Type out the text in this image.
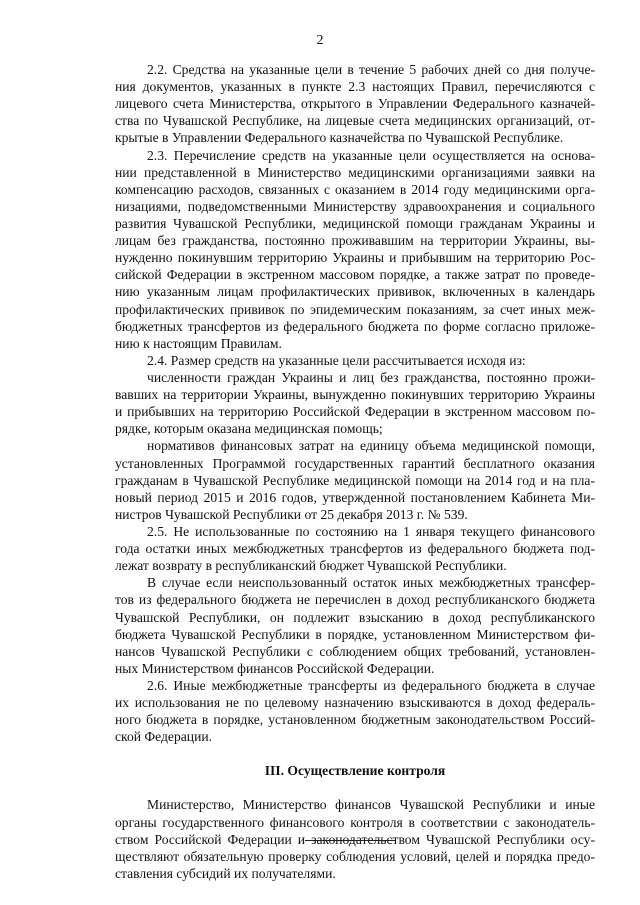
2
2.2. Средства на указанные цели в течение 5 рабочих дней со дня получе-
ния документов, указанных в пункте 2.3 настоящих Правил, перечисляются с
лицевого счета Министерства, открытого в Управлении Федерального казначей-
ства по Чувашской Республике, на лицевые счета медицинских организаций, от-
крытые в Управлении Федерального казначейства по Чувашской Республике.
2.3. Перечисление средств на указанные цели осуществляется на основа-
нии представленной в Министерство медицинскими организациями заявки на
компенсацию расходов, связанных с оказанием в 2014 году медицинскими орга-
низациями, подведомственными Министерству здравоохранения и социального
развития Чувашской Республики, медицинской помощи гражданам Украины и
лицам без гражданства, постоянно проживавшим на территории Украины, вы-
нужденно покинувшим территорию Украины и прибывшим на территорию Рос-
сийской Федерации в экстренном массовом порядке, а также затрат по проведе-
нию указанным лицам профилактических прививок, включенных в календарь
профилактических прививок по эпидемическим показаниям, за счет иных меж-
бюджетных трансфертов из федерального бюджета по форме согласно приложе-
нию к настоящим Правилам.
2.4. Размер средств на указанные цели рассчитывается исходя из:
численности граждан Украины и лиц без гражданства, постоянно прожи-
вавших на территории Украины, вынужденно покинувших территорию Украины
и прибывших на территорию Российской Федерации в экстренном массовом по-
рядке, которым оказана медицинская помощь;
нормативов финансовых затрат на единицу объема медицинской помощи,
установленных Программой государственных гарантий бесплатного оказания
гражданам в Чувашской Республике медицинской помощи на 2014 год и на пла-
новый период 2015 и 2016 годов, утвержденной постановлением Кабинета Ми-
нистров Чувашской Республики от 25 декабря 2013 г. № 539.
2.5. Не использованные по состоянию на 1 января текущего финансового
года остатки иных межбюджетных трансфертов из федерального бюджета под-
лежат возврату в республиканский бюджет Чувашской Республики.
В случае если неиспользованный остаток иных межбюджетных трансфер-
тов из федерального бюджета не перечислен в доход республиканского бюджета
Чувашской Республики, он подлежит взысканию в доход республиканского
бюджета Чувашской Республики в порядке, установленном Министерством фи-
нансов Чувашской Республики с соблюдением общих требований, установлен-
ных Министерством финансов Российской Федерации.
2.6. Иные межбюджетные трансферты из федерального бюджета в случае
их использования не по целевому назначению взыскиваются в доход федераль-
ного бюджета в порядке, установленном бюджетным законодательством Россий-
ской Федерации.
III. Осуществление контроля
Министерство, Министерство финансов Чувашской Республики и иные
органы государственного финансового контроля в соответствии с законодатель-
ством Российской Федерации и законодательством Чувашской Республики осу-
ществляют обязательную проверку соблюдения условий, целей и порядка предо-
ставления субсидий их получателями.
